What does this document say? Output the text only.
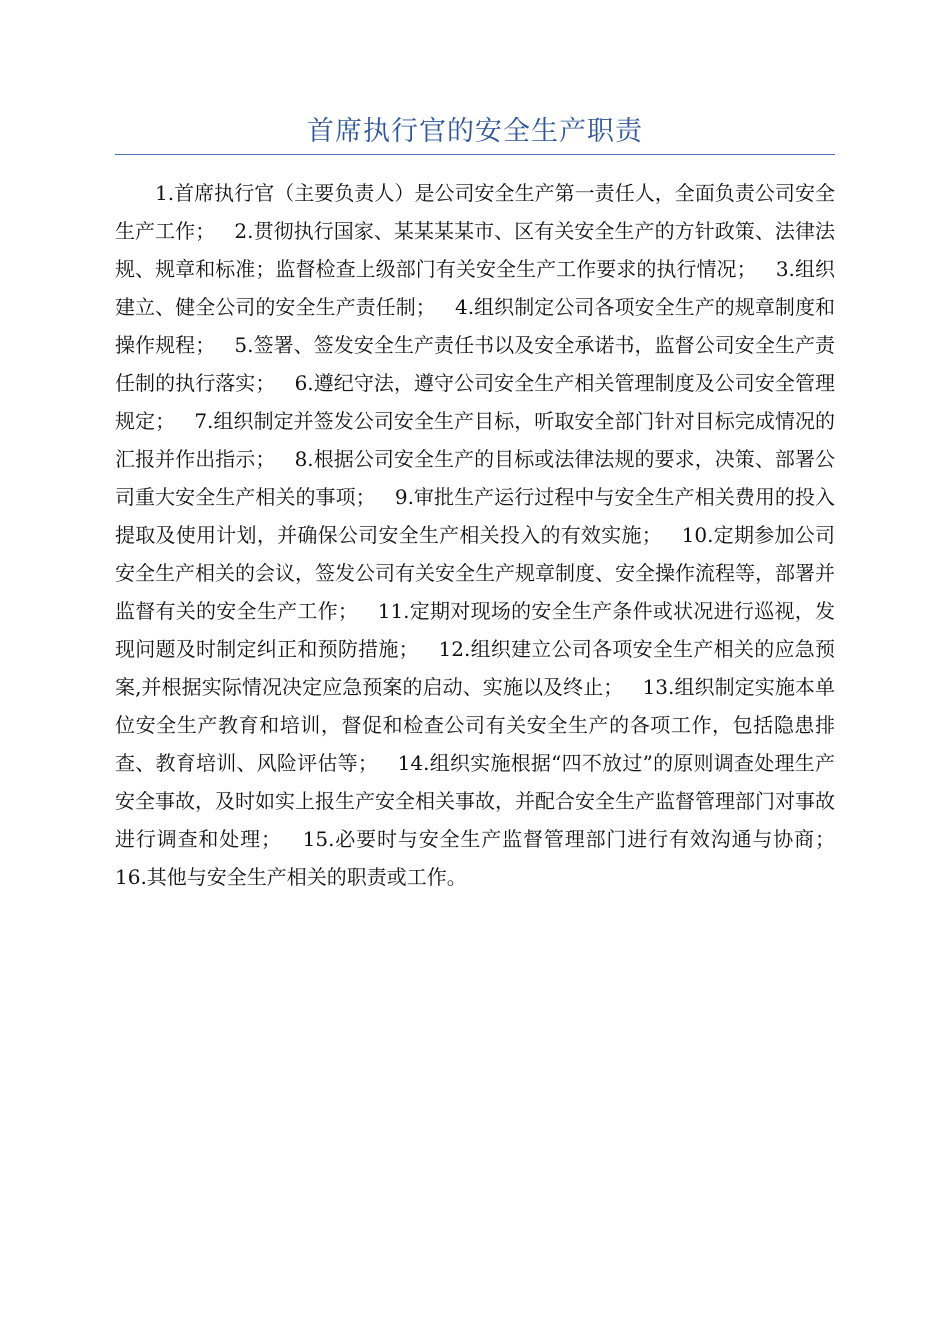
首席执行官的安全生产职责

1.首席执行官（主要负责人）是公司安全生产第一责任人，全面负责公司安全生产工作；   2.贯彻执行国家、某某某某市、区有关安全生产的方针政策、法律法规、规章和标准；监督检查上级部门有关安全生产工作要求的执行情况；   3.组织建立、健全公司的安全生产责任制；   4.组织制定公司各项安全生产的规章制度和操作规程；   5.签署、签发安全生产责任书以及安全承诺书，监督公司安全生产责任制的执行落实；   6.遵纪守法，遵守公司安全生产相关管理制度及公司安全管理规定；   7.组织制定并签发公司安全生产目标，听取安全部门针对目标完成情况的汇报并作出指示；   8.根据公司安全生产的目标或法律法规的要求，决策、部署公司重大安全生产相关的事项；   9.审批生产运行过程中与安全生产相关费用的投入提取及使用计划，并确保公司安全生产相关投入的有效实施；   10.定期参加公司安全生产相关的会议，签发公司有关安全生产规章制度、安全操作流程等，部署并监督有关的安全生产工作；   11.定期对现场的安全生产条件或状况进行巡视，发现问题及时制定纠正和预防措施；   12.组织建立公司各项安全生产相关的应急预案,并根据实际情况决定应急预案的启动、实施以及终止；   13.组织制定实施本单位安全生产教育和培训，督促和检查公司有关安全生产的各项工作，包括隐患排查、教育培训、风险评估等；   14.组织实施根据“四不放过”的原则调查处理生产安全事故，及时如实上报生产安全相关事故，并配合安全生产监督管理部门对事故进行调查和处理；   15.必要时与安全生产监督管理部门进行有效沟通与协商；   16.其他与安全生产相关的职责或工作。
